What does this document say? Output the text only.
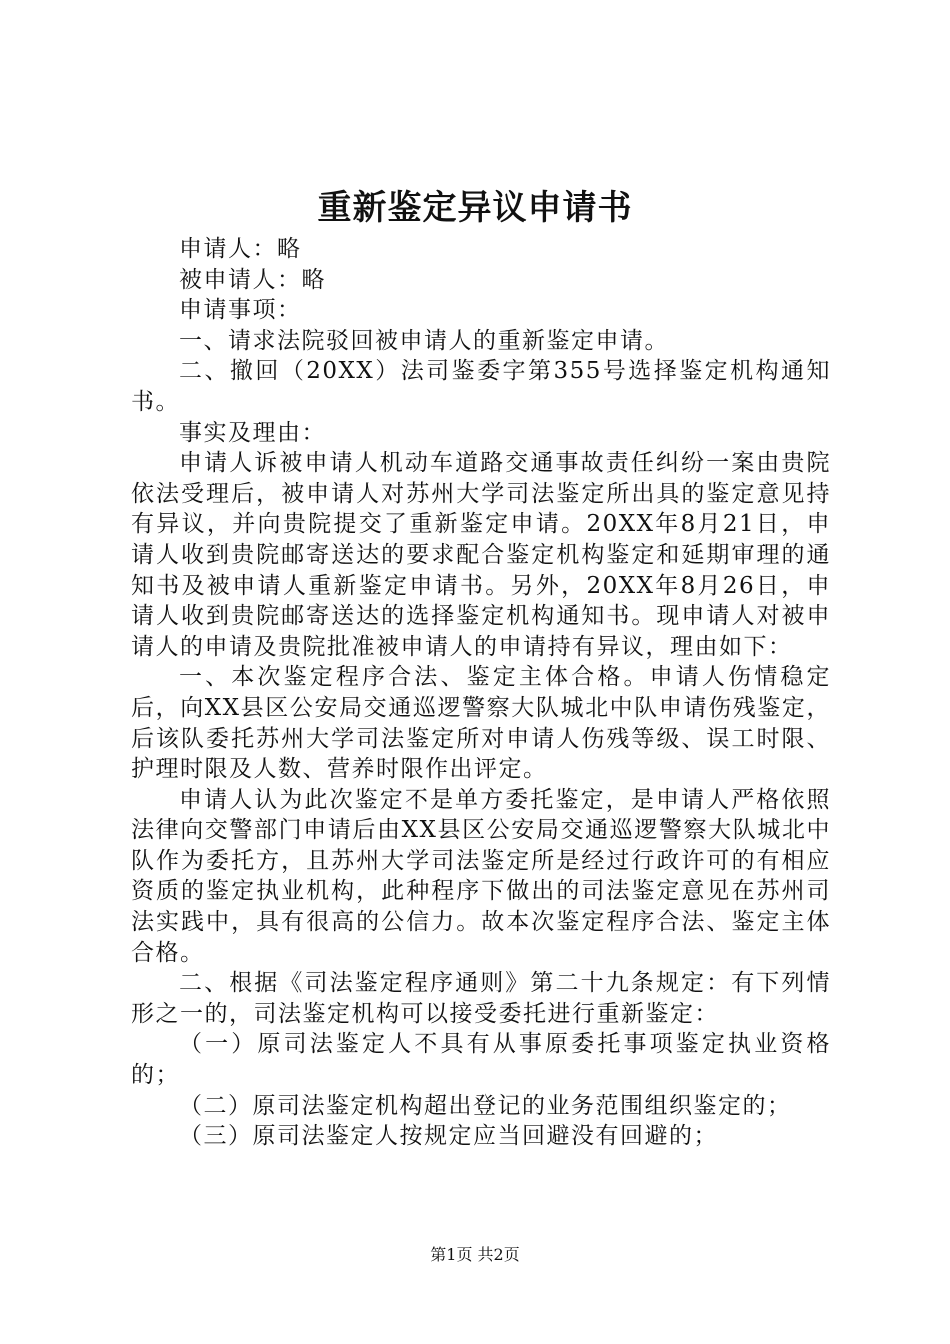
重新鉴定异议申请书

申请人：略

被申请人：略

申请事项：

一、请求法院驳回被申请人的重新鉴定申请。

二、撤回（20XX）法司鉴委字第355号选择鉴定机构通知书。

事实及理由：

申请人诉被申请人机动车道路交通事故责任纠纷一案由贵院依法受理后，被申请人对苏州大学司法鉴定所出具的鉴定意见持有异议，并向贵院提交了重新鉴定申请。20XX年8月21日，申请人收到贵院邮寄送达的要求配合鉴定机构鉴定和延期审理的通知书及被申请人重新鉴定申请书。另外，20XX年8月26日，申请人收到贵院邮寄送达的选择鉴定机构通知书。现申请人对被申请人的申请及贵院批准被申请人的申请持有异议，理由如下：

一、本次鉴定程序合法、鉴定主体合格。申请人伤情稳定后，向XX县区公安局交通巡逻警察大队城北中队申请伤残鉴定，后该队委托苏州大学司法鉴定所对申请人伤残等级、误工时限、护理时限及人数、营养时限作出评定。

申请人认为此次鉴定不是单方委托鉴定，是申请人严格依照法律向交警部门申请后由XX县区公安局交通巡逻警察大队城北中队作为委托方，且苏州大学司法鉴定所是经过行政许可的有相应资质的鉴定执业机构，此种程序下做出的司法鉴定意见在苏州司法实践中，具有很高的公信力。故本次鉴定程序合法、鉴定主体合格。

二、根据《司法鉴定程序通则》第二十九条规定：有下列情形之一的，司法鉴定机构可以接受委托进行重新鉴定：

（一）原司法鉴定人不具有从事原委托事项鉴定执业资格的；

（二）原司法鉴定机构超出登记的业务范围组织鉴定的；

（三）原司法鉴定人按规定应当回避没有回避的；

第1页 共2页
